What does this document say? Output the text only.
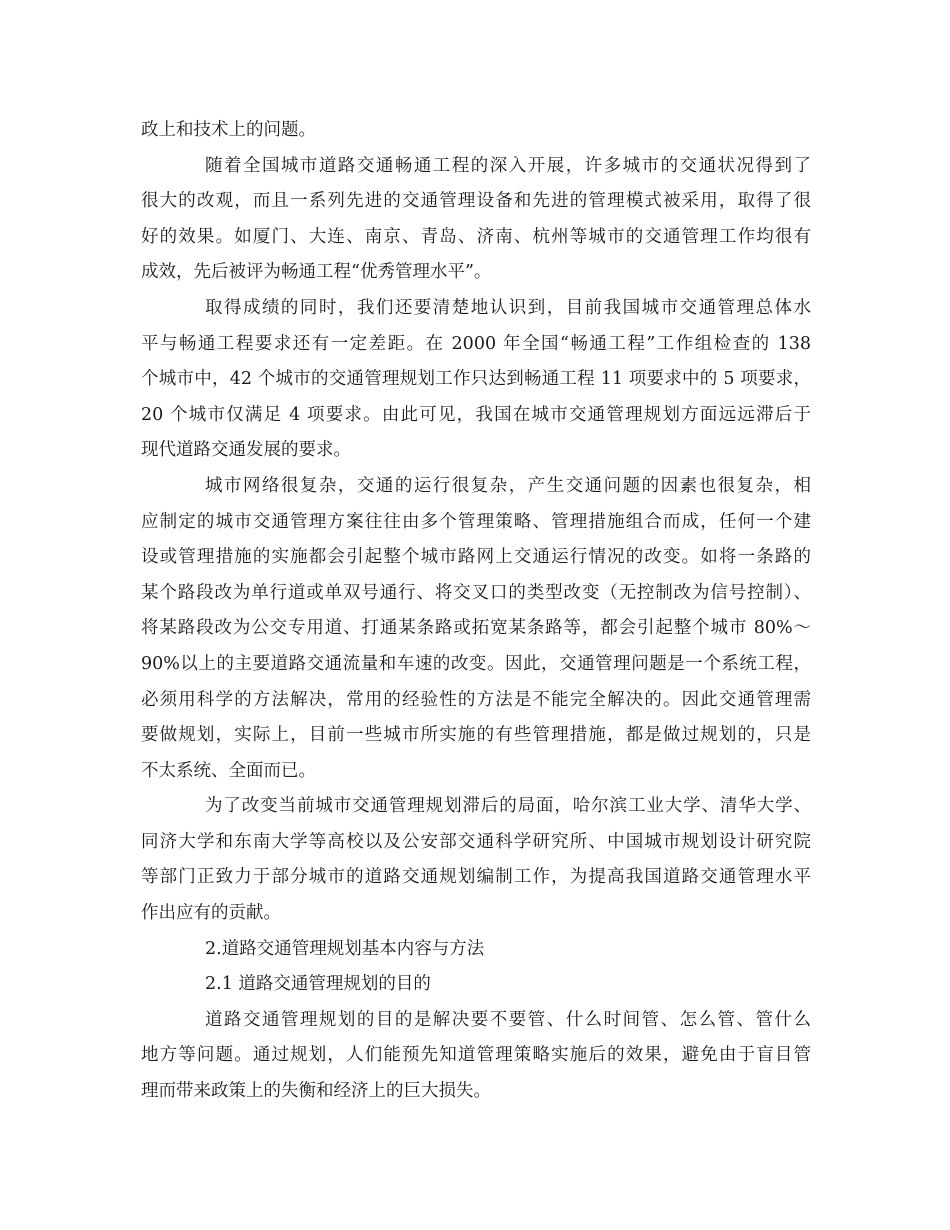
政上和技术上的问题。
随着全国城市道路交通畅通工程的深入开展，许多城市的交通状况得到了
很大的改观，而且一系列先进的交通管理设备和先进的管理模式被采用，取得了很
好的效果。如厦门、大连、南京、青岛、济南、杭州等城市的交通管理工作均很有
成效，先后被评为畅通工程“优秀管理水平”。
取得成绩的同时，我们还要清楚地认识到，目前我国城市交通管理总体水
平与畅通工程要求还有一定差距。在 2000 年全国“畅通工程”工作组检查的 138
个城市中，42 个城市的交通管理规划工作只达到畅通工程 11 项要求中的 5 项要求，
20 个城市仅满足 4 项要求。由此可见，我国在城市交通管理规划方面远远滞后于
现代道路交通发展的要求。
城市网络很复杂，交通的运行很复杂，产生交通问题的因素也很复杂，相
应制定的城市交通管理方案往往由多个管理策略、管理措施组合而成，任何一个建
设或管理措施的实施都会引起整个城市路网上交通运行情况的改变。如将一条路的
某个路段改为单行道或单双号通行、将交叉口的类型改变（无控制改为信号控制）、
将某路段改为公交专用道、打通某条路或拓宽某条路等，都会引起整个城市 80%～
90%以上的主要道路交通流量和车速的改变。因此，交通管理问题是一个系统工程，
必须用科学的方法解决，常用的经验性的方法是不能完全解决的。因此交通管理需
要做规划，实际上，目前一些城市所实施的有些管理措施，都是做过规划的，只是
不太系统、全面而已。
为了改变当前城市交通管理规划滞后的局面，哈尔滨工业大学、清华大学、
同济大学和东南大学等高校以及公安部交通科学研究所、中国城市规划设计研究院
等部门正致力于部分城市的道路交通规划编制工作，为提高我国道路交通管理水平
作出应有的贡献。
2.道路交通管理规划基本内容与方法
2.1 道路交通管理规划的目的
道路交通管理规划的目的是解决要不要管、什么时间管、怎么管、管什么
地方等问题。通过规划，人们能预先知道管理策略实施后的效果，避免由于盲目管
理而带来政策上的失衡和经济上的巨大损失。
